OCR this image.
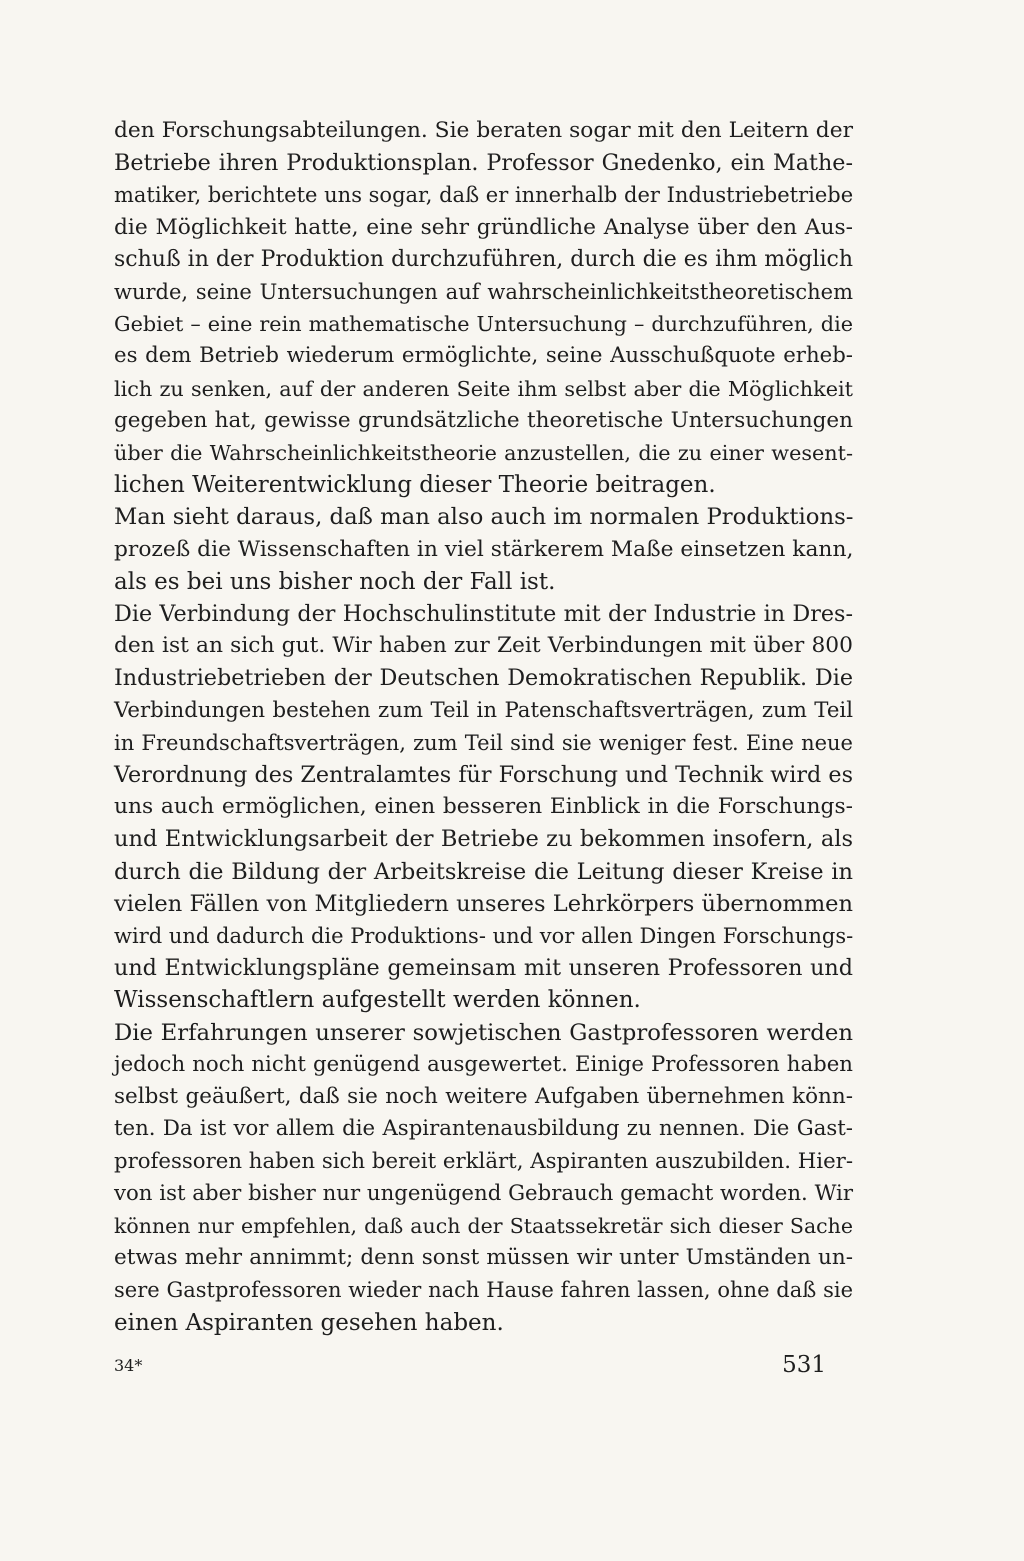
den Forschungsabteilungen. Sie beraten sogar mit den Leitern der
Betriebe ihren Produktionsplan. Professor Gnedenko, ein Mathe-
matiker, berichtete uns sogar, daß er innerhalb der Industriebetriebe
die Möglichkeit hatte, eine sehr gründliche Analyse über den Aus-
schuß in der Produktion durchzuführen, durch die es ihm möglich
wurde, seine Untersuchungen auf wahrscheinlichkeitstheoretischem
Gebiet – eine rein mathematische Untersuchung – durchzuführen, die
es dem Betrieb wiederum ermöglichte, seine Ausschußquote erheb-
lich zu senken, auf der anderen Seite ihm selbst aber die Möglichkeit
gegeben hat, gewisse grundsätzliche theoretische Untersuchungen
über die Wahrscheinlichkeitstheorie anzustellen, die zu einer wesent-
lichen Weiterentwicklung dieser Theorie beitragen.
Man sieht daraus, daß man also auch im normalen Produktions-
prozeß die Wissenschaften in viel stärkerem Maße einsetzen kann,
als es bei uns bisher noch der Fall ist.
Die Verbindung der Hochschulinstitute mit der Industrie in Dres-
den ist an sich gut. Wir haben zur Zeit Verbindungen mit über 800
Industriebetrieben der Deutschen Demokratischen Republik. Die
Verbindungen bestehen zum Teil in Patenschaftsverträgen, zum Teil
in Freundschaftsverträgen, zum Teil sind sie weniger fest. Eine neue
Verordnung des Zentralamtes für Forschung und Technik wird es
uns auch ermöglichen, einen besseren Einblick in die Forschungs-
und Entwicklungsarbeit der Betriebe zu bekommen insofern, als
durch die Bildung der Arbeitskreise die Leitung dieser Kreise in
vielen Fällen von Mitgliedern unseres Lehrkörpers übernommen
wird und dadurch die Produktions- und vor allen Dingen Forschungs-
und Entwicklungspläne gemeinsam mit unseren Professoren und
Wissenschaftlern aufgestellt werden können.
Die Erfahrungen unserer sowjetischen Gastprofessoren werden
jedoch noch nicht genügend ausgewertet. Einige Professoren haben
selbst geäußert, daß sie noch weitere Aufgaben übernehmen könn-
ten. Da ist vor allem die Aspirantenausbildung zu nennen. Die Gast-
professoren haben sich bereit erklärt, Aspiranten auszubilden. Hier-
von ist aber bisher nur ungenügend Gebrauch gemacht worden. Wir
können nur empfehlen, daß auch der Staatssekretär sich dieser Sache
etwas mehr annimmt; denn sonst müssen wir unter Umständen un-
sere Gastprofessoren wieder nach Hause fahren lassen, ohne daß sie
einen Aspiranten gesehen haben.
34*	531
